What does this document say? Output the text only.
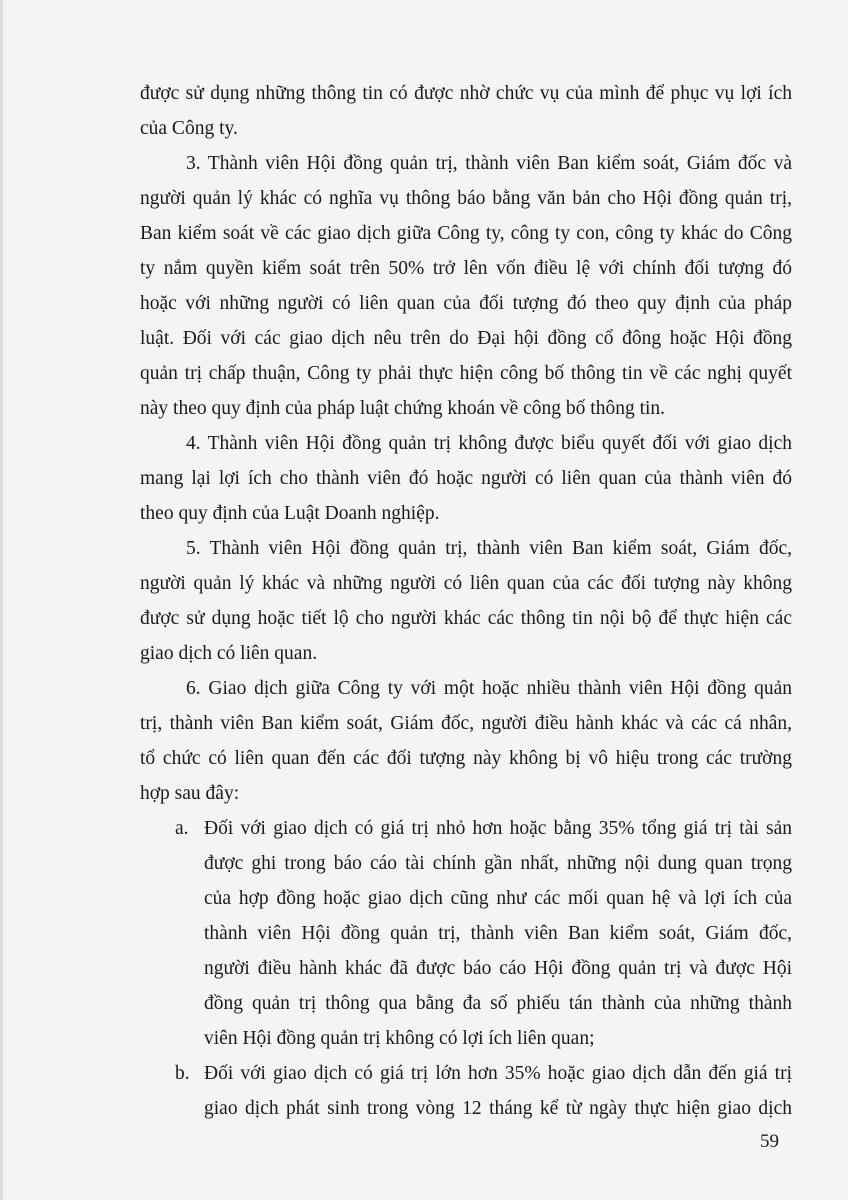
được sử dụng những thông tin có được nhờ chức vụ của mình để phục vụ lợi ích
của Công ty.
3. Thành viên Hội đồng quản trị, thành viên Ban kiểm soát, Giám đốc và
người quản lý khác có nghĩa vụ thông báo bằng văn bản cho Hội đồng quản trị,
Ban kiểm soát về các giao dịch giữa Công ty, công ty con, công ty khác do Công
ty nắm quyền kiểm soát trên 50% trở lên vốn điều lệ với chính đối tượng đó
hoặc với những người có liên quan của đối tượng đó theo quy định của pháp
luật. Đối với các giao dịch nêu trên do Đại hội đồng cổ đông hoặc Hội đồng
quản trị chấp thuận, Công ty phải thực hiện công bố thông tin về các nghị quyết
này theo quy định của pháp luật chứng khoán về công bố thông tin.
4. Thành viên Hội đồng quản trị không được biểu quyết đối với giao dịch
mang lại lợi ích cho thành viên đó hoặc người có liên quan của thành viên đó
theo quy định của Luật Doanh nghiệp.
5. Thành viên Hội đồng quản trị, thành viên Ban kiểm soát, Giám đốc,
người quản lý khác và những người có liên quan của các đối tượng này không
được sử dụng hoặc tiết lộ cho người khác các thông tin nội bộ để thực hiện các
giao dịch có liên quan.
6. Giao dịch giữa Công ty với một hoặc nhiều thành viên Hội đồng quản
trị, thành viên Ban kiểm soát, Giám đốc, người điều hành khác và các cá nhân,
tổ chức có liên quan đến các đối tượng này không bị vô hiệu trong các trường
hợp sau đây:
a. Đối với giao dịch có giá trị nhỏ hơn hoặc bằng 35% tổng giá trị tài sản
được ghi trong báo cáo tài chính gần nhất, những nội dung quan trọng
của hợp đồng hoặc giao dịch cũng như các mối quan hệ và lợi ích của
thành viên Hội đồng quản trị, thành viên Ban kiểm soát, Giám đốc,
người điều hành khác đã được báo cáo Hội đồng quản trị và được Hội
đồng quản trị thông qua bằng đa số phiếu tán thành của những thành
viên Hội đồng quản trị không có lợi ích liên quan;
b. Đối với giao dịch có giá trị lớn hơn 35% hoặc giao dịch dẫn đến giá trị
giao dịch phát sinh trong vòng 12 tháng kể từ ngày thực hiện giao dịch
59
